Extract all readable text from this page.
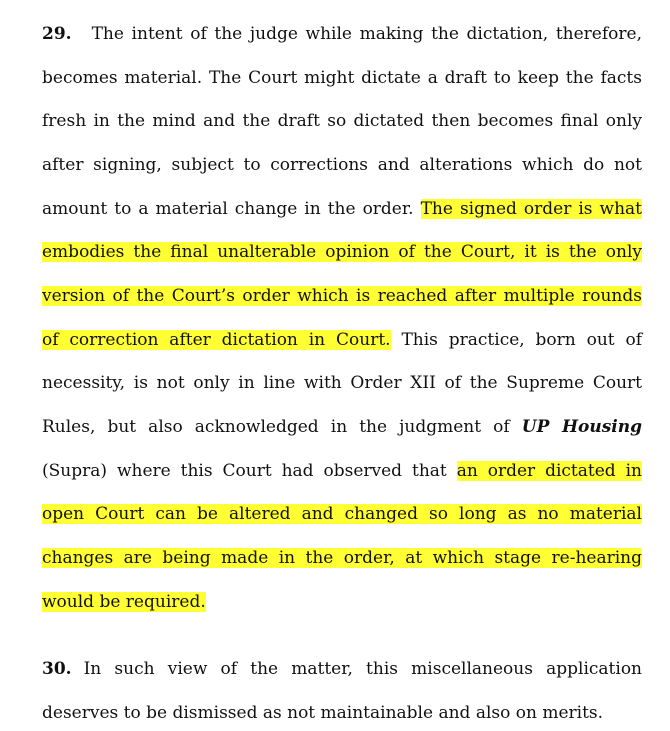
29. The intent of the judge while making the dictation, therefore,
becomes material. The Court might dictate a draft to keep the facts
fresh in the mind and the draft so dictated then becomes final only
after signing, subject to corrections and alterations which do not
amount to a material change in the order. The signed order is what
embodies the final unalterable opinion of the Court, it is the only
version of the Court’s order which is reached after multiple rounds
of correction after dictation in Court. This practice, born out of
necessity, is not only in line with Order XII of the Supreme Court
Rules, but also acknowledged in the judgment of UP Housing
(Supra) where this Court had observed that an order dictated in
open Court can be altered and changed so long as no material
changes are being made in the order, at which stage re-hearing
would be required.
30. In such view of the matter, this miscellaneous application
deserves to be dismissed as not maintainable and also on merits.
